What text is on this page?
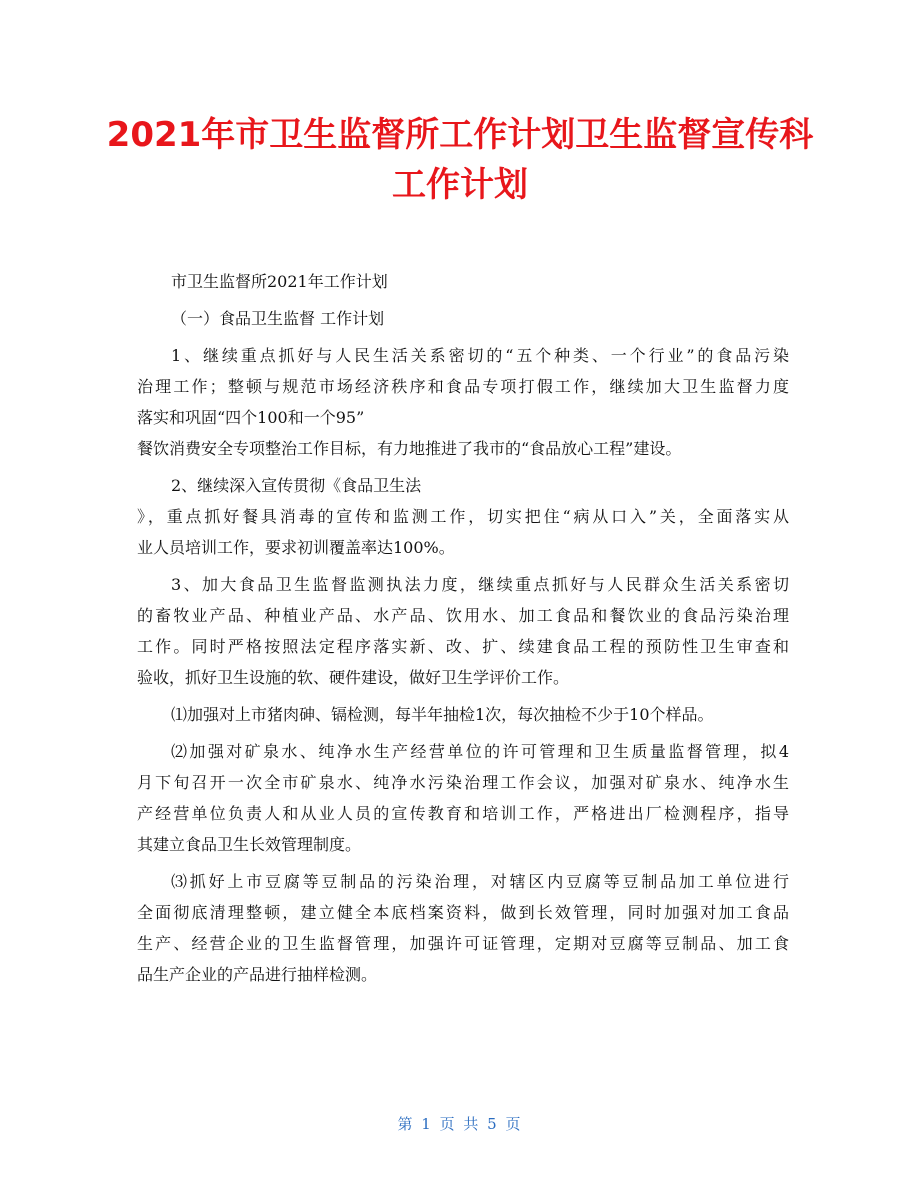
2021年市卫生监督所工作计划卫生监督宣传科
工作计划
市卫生监督所2021年工作计划
（一）食品卫生监督 工作计划
1、继续重点抓好与人民生活关系密切的“五个种类、一个行业”的食品污染
治理工作；整顿与规范市场经济秩序和食品专项打假工作，继续加大卫生监督力度
落实和巩固“四个100和一个95”
餐饮消费安全专项整治工作目标，有力地推进了我市的“食品放心工程”建设。
2、继续深入宣传贯彻《食品卫生法
》，重点抓好餐具消毒的宣传和监测工作，切实把住“病从口入”关，全面落实从
业人员培训工作，要求初训覆盖率达100%。
3、加大食品卫生监督监测执法力度，继续重点抓好与人民群众生活关系密切
的畜牧业产品、种植业产品、水产品、饮用水、加工食品和餐饮业的食品污染治理
工作。同时严格按照法定程序落实新、改、扩、续建食品工程的预防性卫生审查和
验收，抓好卫生设施的软、硬件建设，做好卫生学评价工作。
⑴加强对上市猪肉砷、镉检测，每半年抽检1次，每次抽检不少于10个样品。
⑵加强对矿泉水、纯净水生产经营单位的许可管理和卫生质量监督管理，拟4
月下旬召开一次全市矿泉水、纯净水污染治理工作会议，加强对矿泉水、纯净水生
产经营单位负责人和从业人员的宣传教育和培训工作，严格进出厂检测程序，指导
其建立食品卫生长效管理制度。
⑶抓好上市豆腐等豆制品的污染治理，对辖区内豆腐等豆制品加工单位进行
全面彻底清理整顿，建立健全本底档案资料，做到长效管理，同时加强对加工食品
生产、经营企业的卫生监督管理，加强许可证管理，定期对豆腐等豆制品、加工食
品生产企业的产品进行抽样检测。
第 1 页 共 5 页
